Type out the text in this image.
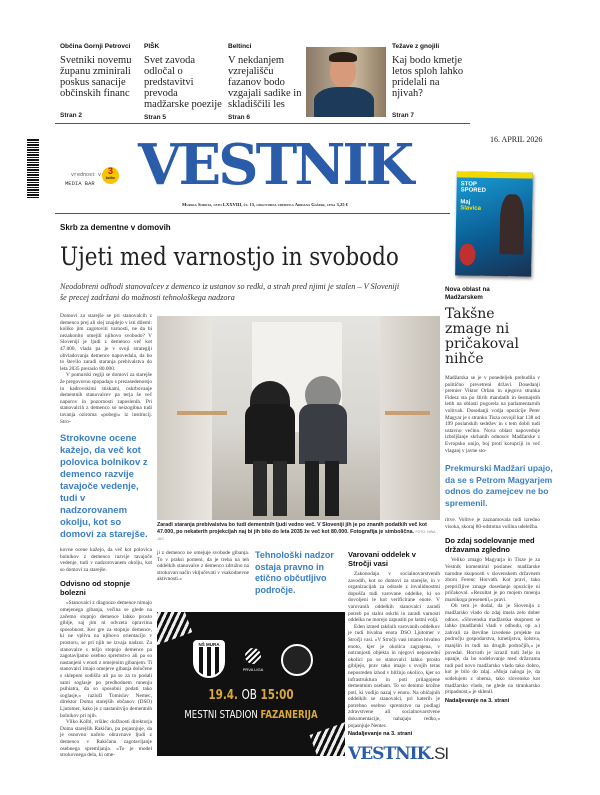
Občina Gornji Petrovci
Svetniki novemu županu zminirali poskus sanacije občinskih financ
Stran 2
PIŠK
Svet zavoda odločal o predstavitvi prevoda madžarske poezije
Stran 5
Beltinci
V nekdanjem vzrejališču fazanov bodo vzgajali sadike in skladiščili les
Stran 6
Težave z gnojili
Kaj bodo kmetje letos sploh lahko pridelali na njivah?
Stran 7
vrednost v
MEDIA BAR
3
točke VESTNIK	16. APRIL 2026
Murska Sobota, leto LXXVIII, št. 15, odgovorna urednica Adriana Gašpar, cena 3,25 €
STOP
SPORED
Maj
Slavica
Skrb za dementne v domovih
Ujeti med varnostjo in svobodo
Neodobreni odhodi stanovalcev z demenco iz ustanov so redki, a strah pred njimi je stalen – V Sloveniji še precej zadržani do možnosti tehnološkega nadzora

Domovi za starejše se pri stanovalcih z demenco prej ali slej znajdejo v isti dilemi: koliko jim zagotoviti varnosti, ne da bi nezakonito omejili njihovo svobodo? V Sloveniji je ljudi z demenco več kot 47.000, vlada pa je v svoji strategiji obvladovanja demence napovedala, da bo to število zaradi staranja prebivalstva do leta 2035 preraslo 80.000.

V pomurski regiji se domovi za starejše že pregovorno spopadajo s prezasedenostjo in kadrovskimi stiskami, oskrbovanje dementnih stanovalcev pa terja še več naporov in pozornosti zaposlenih. Pri stanovalcih z demenco so neizogibna tudi tavanja oziroma »pobegi« iz institucij. Stro-

Strokovne ocene kažejo, da več kot polovica bolnikov z demenco razvije tavajoče vedenje, tudi v nadzorovanem okolju, kot so domovi za starejše.

kovne ocene kažejo, da več kot polovica bolnikov z demenco razvije tavajoče vedenje, tudi v nadzorovanem okolju, kot so domovi za starejše.

Odvisno od stopnje bolezni

»Stanovalci z diagnozo demence nimajo omejenega gibanja, večina se glede na začetno stopnjo demence lahko prosto giblje, saj jim ni odvzeta opravilna sposobnost. Ker gre za stopnjo demence, ki ne vpliva na njihovo orientacijo v prostoru, se pri njih ne izvaja nadzor. Za stanovalce s težjo stopnjo demence pa zagotavljamo osebno spremstvo ali pa so nastanjeni v enoti z omejenim gibanjem. Ti stanovalci imajo omejeve gibanja določene s sklepom sodišča ali pa se za to podali sami soglasje po predhodnem mnenju psihiatra, da so sposobni podati tako soglasje,« razloži Tomislav Nemec, direktor Doma starejših občanov (DSO) Ljutomer, kako je z nastanitvijo dementnih bolnikov pri njih.

Vilko Kolbl, vršilec dolžnosti direktorja Doma starejših Rakičan, pa pojasnjuje, da je osnovno načelo obravnave ljudi z demenco v Rakičanu zagotavljanje osebnega spremljanja. »To je model strokovnega dela, ki ome-

Zaradi staranja prebivalstva bo tudi dementnih ljudi vedno več. V Sloveniji jih je po znanih podatkih več kot 47.000, po nekaterih projekcijah naj bi jih bilo do leta 2035 že več kot 80.000. Fotografija je simbolična. FOTO: NINA JUG

ji z demenco ne omejuje svobode gibanja. To v praksi pomeni, da je treba na teh oddelkih stanovalce z demenco združno na strokovan način vključevati v vsakodnevne aktivnosti.«

Tehnološki nadzor ostaja pravno in etično občutljivo področje.
Varovani oddelek v Stročji vasi

Zakonodaja v socialnovarstvenih zavodih, kot so domovi za starejše, in v organizacijah za odrasle z invalidnostmi dopušča tudi varovane oddelke, ki so dovoljeni le kot verificirane enote. V varovanih oddelkih stanovalci zaradi potreb po stalni oskrbi in zaradi varnosti oddelka ne morejo zapustiti po lastni volji.

Eden izmed takšnih varovanih oddelkov je tudi bivalna enota DSO Ljutomer v Stročji vasi. »V Stročji vasi imamo bivalno enoto, kjer je okolica zagrajena, v notranjosti objekta in njegovi neposredni okolici pa se stanovalci lahko prosto gibljejo, prav tako imajo s svojih teras neposreden izhod v bližnjo okolico, kjer so infrastruktura in poti prilagojene dementnim osebam. To so denimo krožne poti, ki vodijo nazaj v enoto. Na običajnih oddelkih se stanovalci, pri katerih je potrebno osebno spremstvo na podlagi zdravstvene ali socialnovarstvene dokumentacije, nahajajo redko,« pojasnjuje Nemec.

Nadaljevanje na 3. strani
VESTNIK.SI
NŠ MURA
PRVA LIGA
19.4. OB 15:00
MESTNI STADION FAZANERIJA
Nova oblast na Madžarskem
Takšne zmage ni pričakoval nihče

Madžarska se je v ponedeljek prebudila v politično prevetreni državi. Dosedanji premier Viktor Orban in njegova stranka Fidesz sta po štirih mandatih in šestnajstih letih na oblasti pogorela na parlamentarnih volitvah. Dosedanji vodja opozicije Peter Magyar je s stranko Tisza osvojil kar 138 od 199 poslanskih sedežev in s tem dobil tudi ustavno večino. Nova oblast napoveduje izboljšanje skrhanih odnosov Madžarske z Evropsko unijo, boj proti korupciji in več vlaganj v javne sto-

Prekmurski Madžari upajo, da se s Petrom Magyarjem odnos do zamejcev ne bo spremenil.

ritve. Volitve je zaznamovala tudi izredno visoka, skoraj 80-odstotna volilna udeležba.

Do zdaj sodelovanje med državama zgledno

Veliko zmago Magyarja in Tisze je za Vestnik komentiral poslanec madžarske narodne skupnosti v slovenskem državnem zboru Ferenc Horvath. Kot pravi, tako prepričljive zmage dosedanje opozicije ni pričakoval. »Rezultat je po mojem mnenju marsikoga presenetil,« pravi.

Ob tem je dodal, da je Slovenija z madžarsko vlado do zdaj imela zelo dober odnos. »Slovenska madžarska skupnost se lahko (madžarski vladi v odhodu, op. a.) zahvali za številne izvedene projekte na področju gospodarstva, kmetijstva, šolstva, manjšin in tudi na drugih področjih,« je povedal. Horvath je izrazil tudi željo in upanje, da bo sodelovanje med državama tudi pod novo madžarsko vlado tako dobro, kot je bilo do zdaj. »Moja naloga je, da sodelujem z obema, tako slovensko kot madžarsko vlado, ne glede na strankarsko pripadnost,« je sklenil.

Nadaljevanje na 3. strani
